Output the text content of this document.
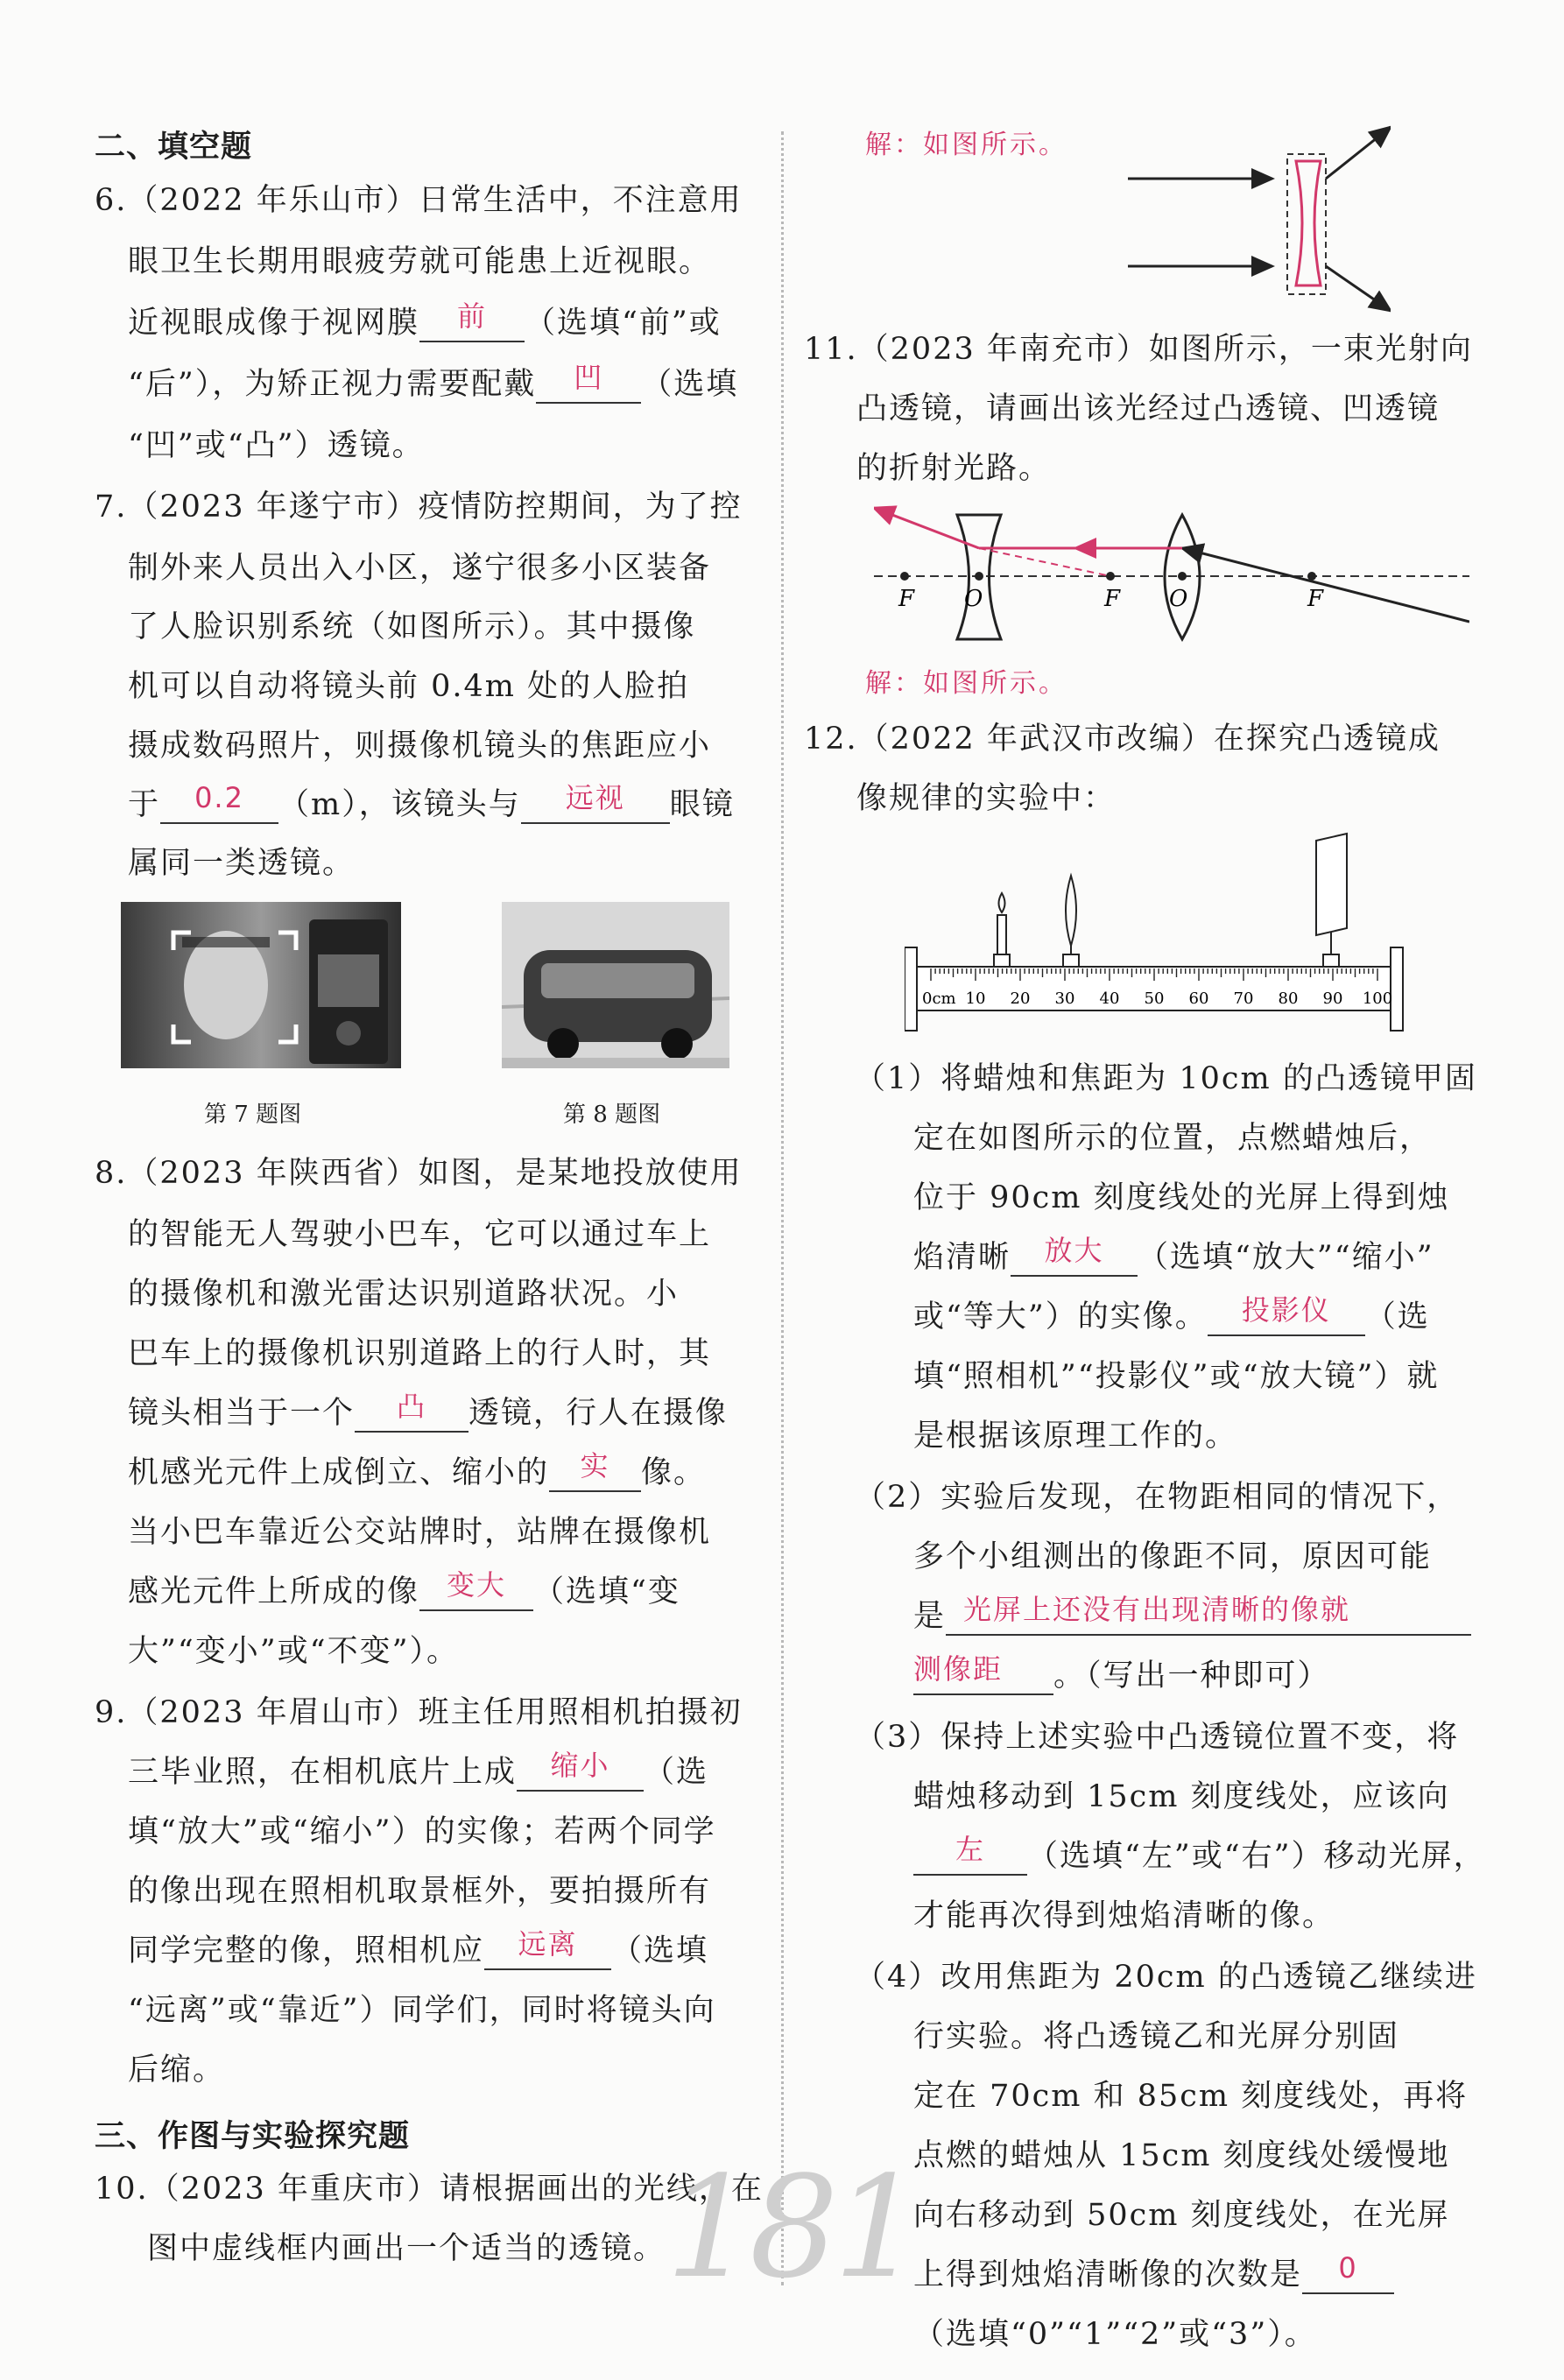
二、填空题
6.（2022 年乐山市）日常生活中，不注意用
眼卫生长期用眼疲劳就可能患上近视眼。
近视眼成像于视网膜 前 （选填“前”或
“后”），为矫正视力需要配戴 凹 （选填
“凹”或“凸”）透镜。
7.（2023 年遂宁市）疫情防控期间，为了控
制外来人员出入小区，遂宁很多小区装备
了人脸识别系统（如图所示）。其中摄像
机可以自动将镜头前 0.4m 处的人脸拍
摄成数码照片，则摄像机镜头的焦距应小
于 0.2 （m），该镜头与 远视 眼镜
属同一类透镜。
第 7 题图	第 8 题图
8.（2023 年陕西省）如图，是某地投放使用
的智能无人驾驶小巴车，它可以通过车上
的摄像机和激光雷达识别道路状况。小
巴车上的摄像机识别道路上的行人时，其
镜头相当于一个 凸 透镜，行人在摄像
机感光元件上成倒立、缩小的 实 像。
当小巴车靠近公交站牌时，站牌在摄像机
感光元件上所成的像 变大 （选填“变
大”“变小”或“不变”）。
9.（2023 年眉山市）班主任用照相机拍摄初
三毕业照，在相机底片上成 缩小 （选
填“放大”或“缩小”）的实像；若两个同学
的像出现在照相机取景框外，要拍摄所有
同学完整的像，照相机应 远离 （选填
“远离”或“靠近”）同学们，同时将镜头向
后缩。
三、作图与实验探究题
10.（2023 年重庆市）请根据画出的光线，在
图中虚线框内画出一个适当的透镜。 181
解：如图所示。
11.（2023 年南充市）如图所示，一束光射向
凸透镜，请画出该光经过凸透镜、凹透镜
的折射光路。
F O	F O	F
解：如图所示。
12.（2022 年武汉市改编）在探究凸透镜成
像规律的实验中：
0cm 10 20 30 40 50 60 70 80 90 100
（1）将蜡烛和焦距为 10cm 的凸透镜甲固
定在如图所示的位置，点燃蜡烛后，
位于 90cm 刻度线处的光屏上得到烛
焰清晰 放大 （选填“放大”“缩小”
或“等大”）的实像。 投影仪 （选
填“照相机”“投影仪”或“放大镜”）就
是根据该原理工作的。
（2）实验后发现，在物距相同的情况下，
多个小组测出的像距不同，原因可能
是 光屏上还没有出现清晰的像就
测像距 。（写出一种即可）
（3）保持上述实验中凸透镜位置不变，将
蜡烛移动到 15cm 刻度线处，应该向
左 （选填“左”或“右”）移动光屏，
才能再次得到烛焰清晰的像。
（4）改用焦距为 20cm 的凸透镜乙继续进
行实验。将凸透镜乙和光屏分别固
定在 70cm 和 85cm 刻度线处，再将
点燃的蜡烛从 15cm 刻度线处缓慢地
向右移动到 50cm 刻度线处，在光屏
上得到烛焰清晰像的次数是 0
（选填“0”“1”“2”或“3”）。
